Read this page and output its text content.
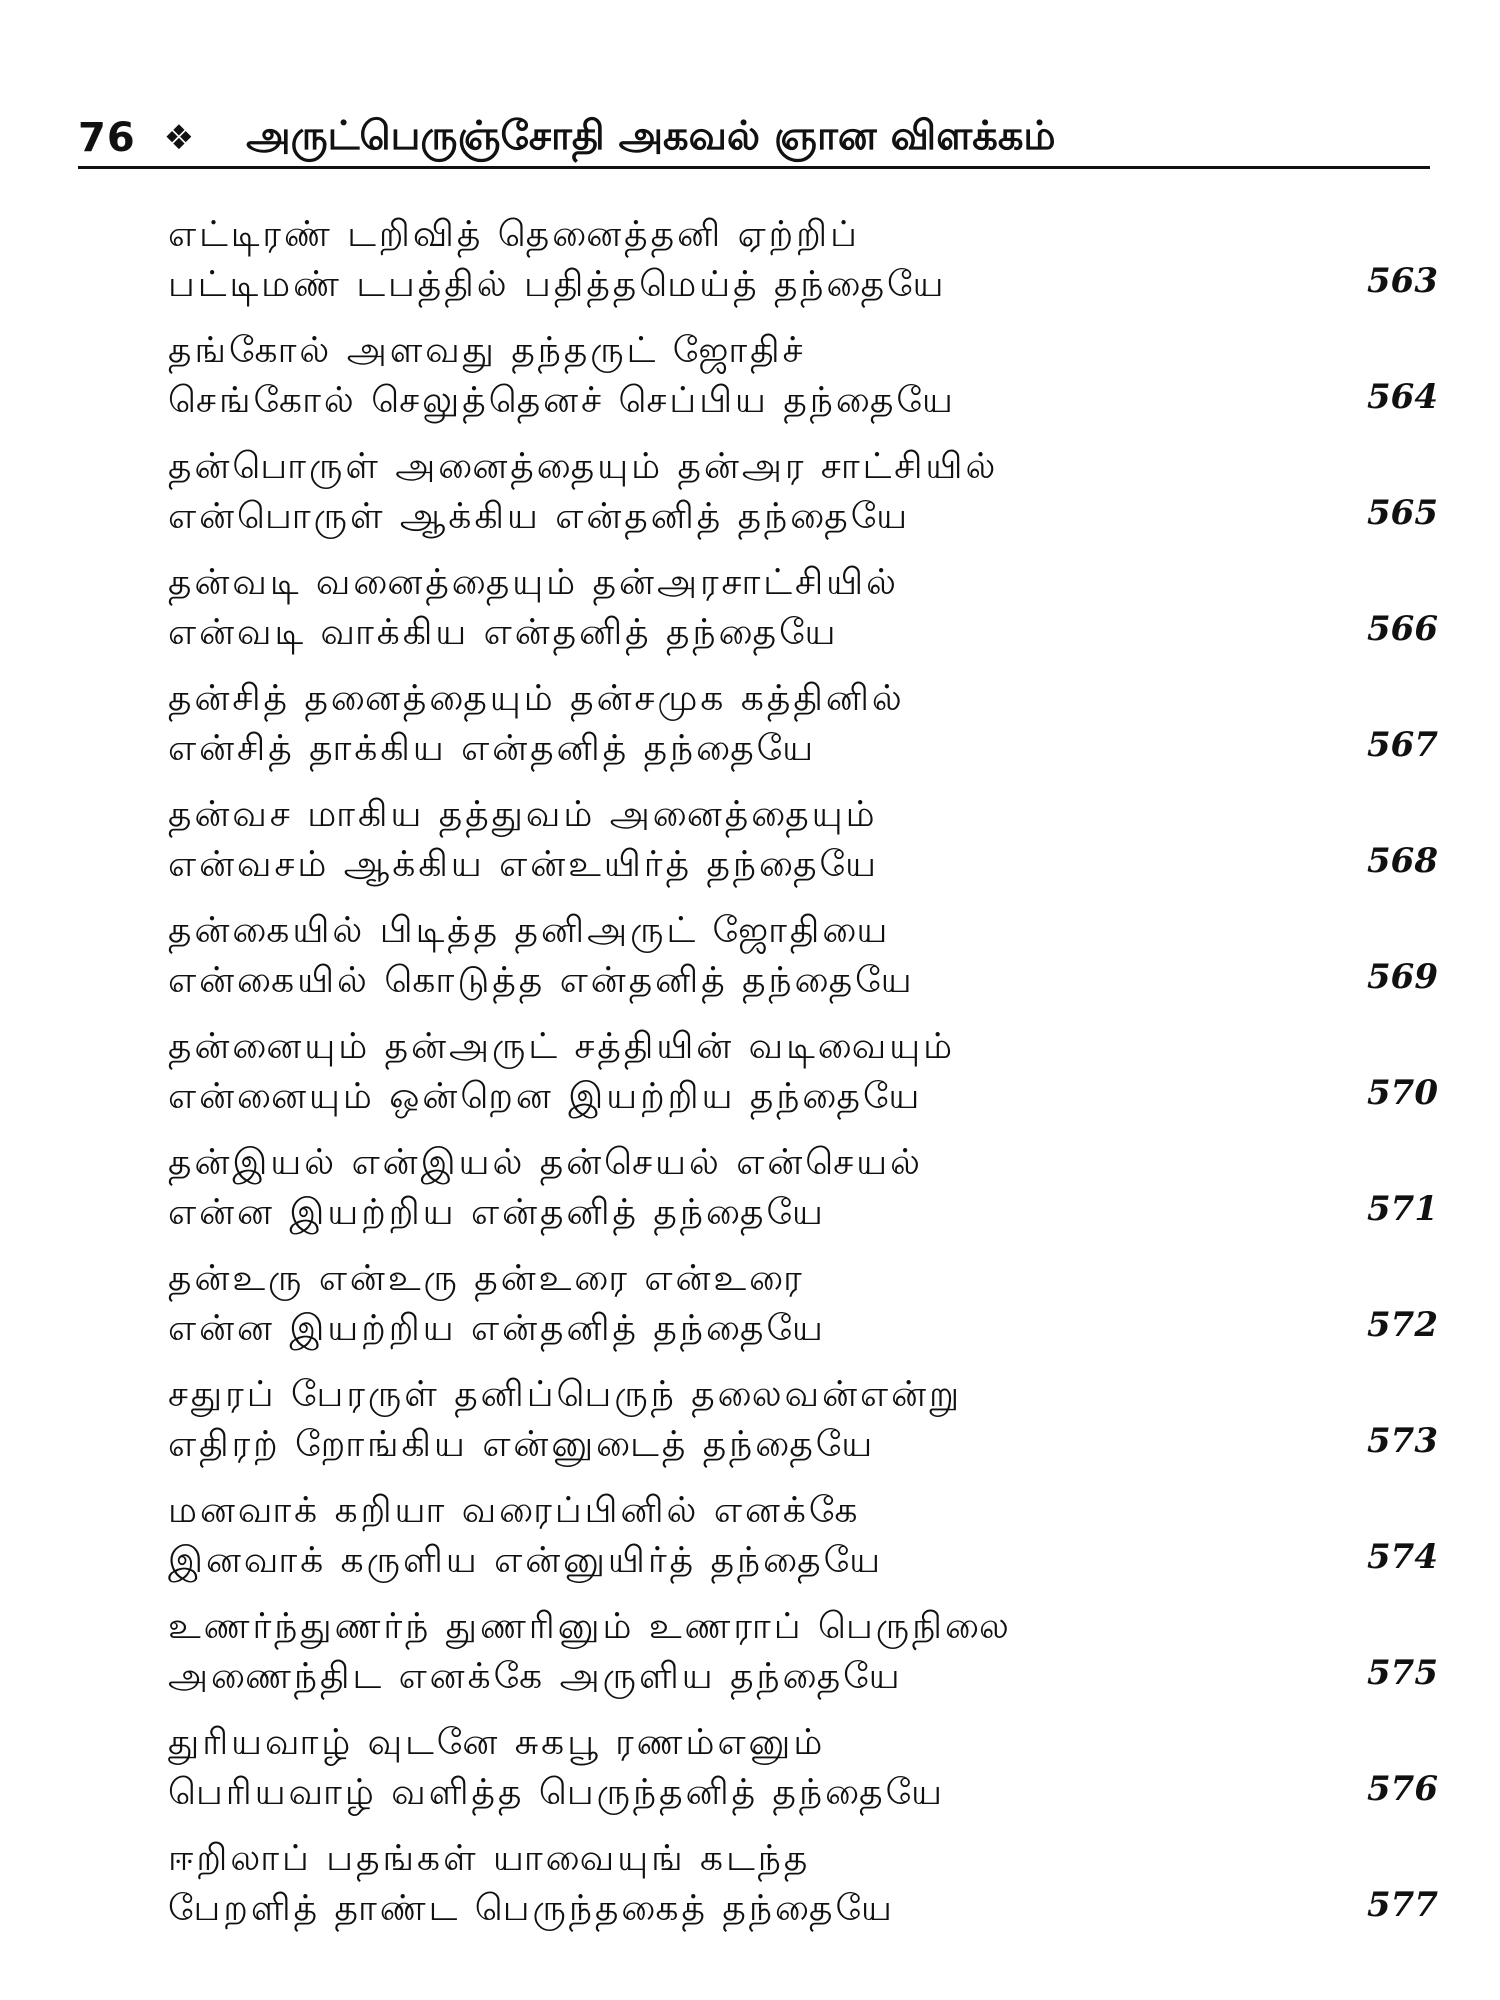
76 ❖ அருட்பெருஞ்சோதி அகவல் ஞான விளக்கம்
எட்டிரண் டறிவித் தெனைத்தனி ஏற்றிப்
பட்டிமண் டபத்தில் பதித்தமெய்த் தந்தையே	563
தங்கோல் அளவது தந்தருட் ஜோதிச்
செங்கோல் செலுத்தெனச் செப்பிய தந்தையே	564
தன்பொருள் அனைத்தையும் தன்அர சாட்சியில்
என்பொருள் ஆக்கிய என்தனித் தந்தையே	565
தன்வடி வனைத்தையும் தன்அரசாட்சியில்
என்வடி வாக்கிய என்தனித் தந்தையே	566
தன்சித் தனைத்தையும் தன்சமுக கத்தினில்
என்சித் தாக்கிய என்தனித் தந்தையே	567
தன்வச மாகிய தத்துவம் அனைத்தையும்
என்வசம் ஆக்கிய என்உயிர்த் தந்தையே	568
தன்கையில் பிடித்த தனிஅருட் ஜோதியை
என்கையில் கொடுத்த என்தனித் தந்தையே	569
தன்னையும் தன்அருட் சத்தியின் வடிவையும்
என்னையும் ஒன்றென இயற்றிய தந்தையே	570
தன்இயல் என்இயல் தன்செயல் என்செயல்
என்ன இயற்றிய என்தனித் தந்தையே	571
தன்உரு என்உரு தன்உரை என்உரை
என்ன இயற்றிய என்தனித் தந்தையே	572
சதுரப் பேரருள் தனிப்பெருந் தலைவன்என்று
எதிரற் றோங்கிய என்னுடைத் தந்தையே	573
மனவாக் கறியா வரைப்பினில் எனக்கே
இனவாக் கருளிய என்னுயிர்த் தந்தையே	574
உணர்ந்துணர்ந் துணரினும் உணராப் பெருநிலை
அணைந்திட எனக்கே அருளிய தந்தையே	575
துரியவாழ் வுடனே சுகபூ ரணம்எனும்
பெரியவாழ் வளித்த பெருந்தனித் தந்தையே	576
ஈறிலாப் பதங்கள் யாவையுங் கடந்த
பேறளித் தாண்ட பெருந்தகைத் தந்தையே	577
